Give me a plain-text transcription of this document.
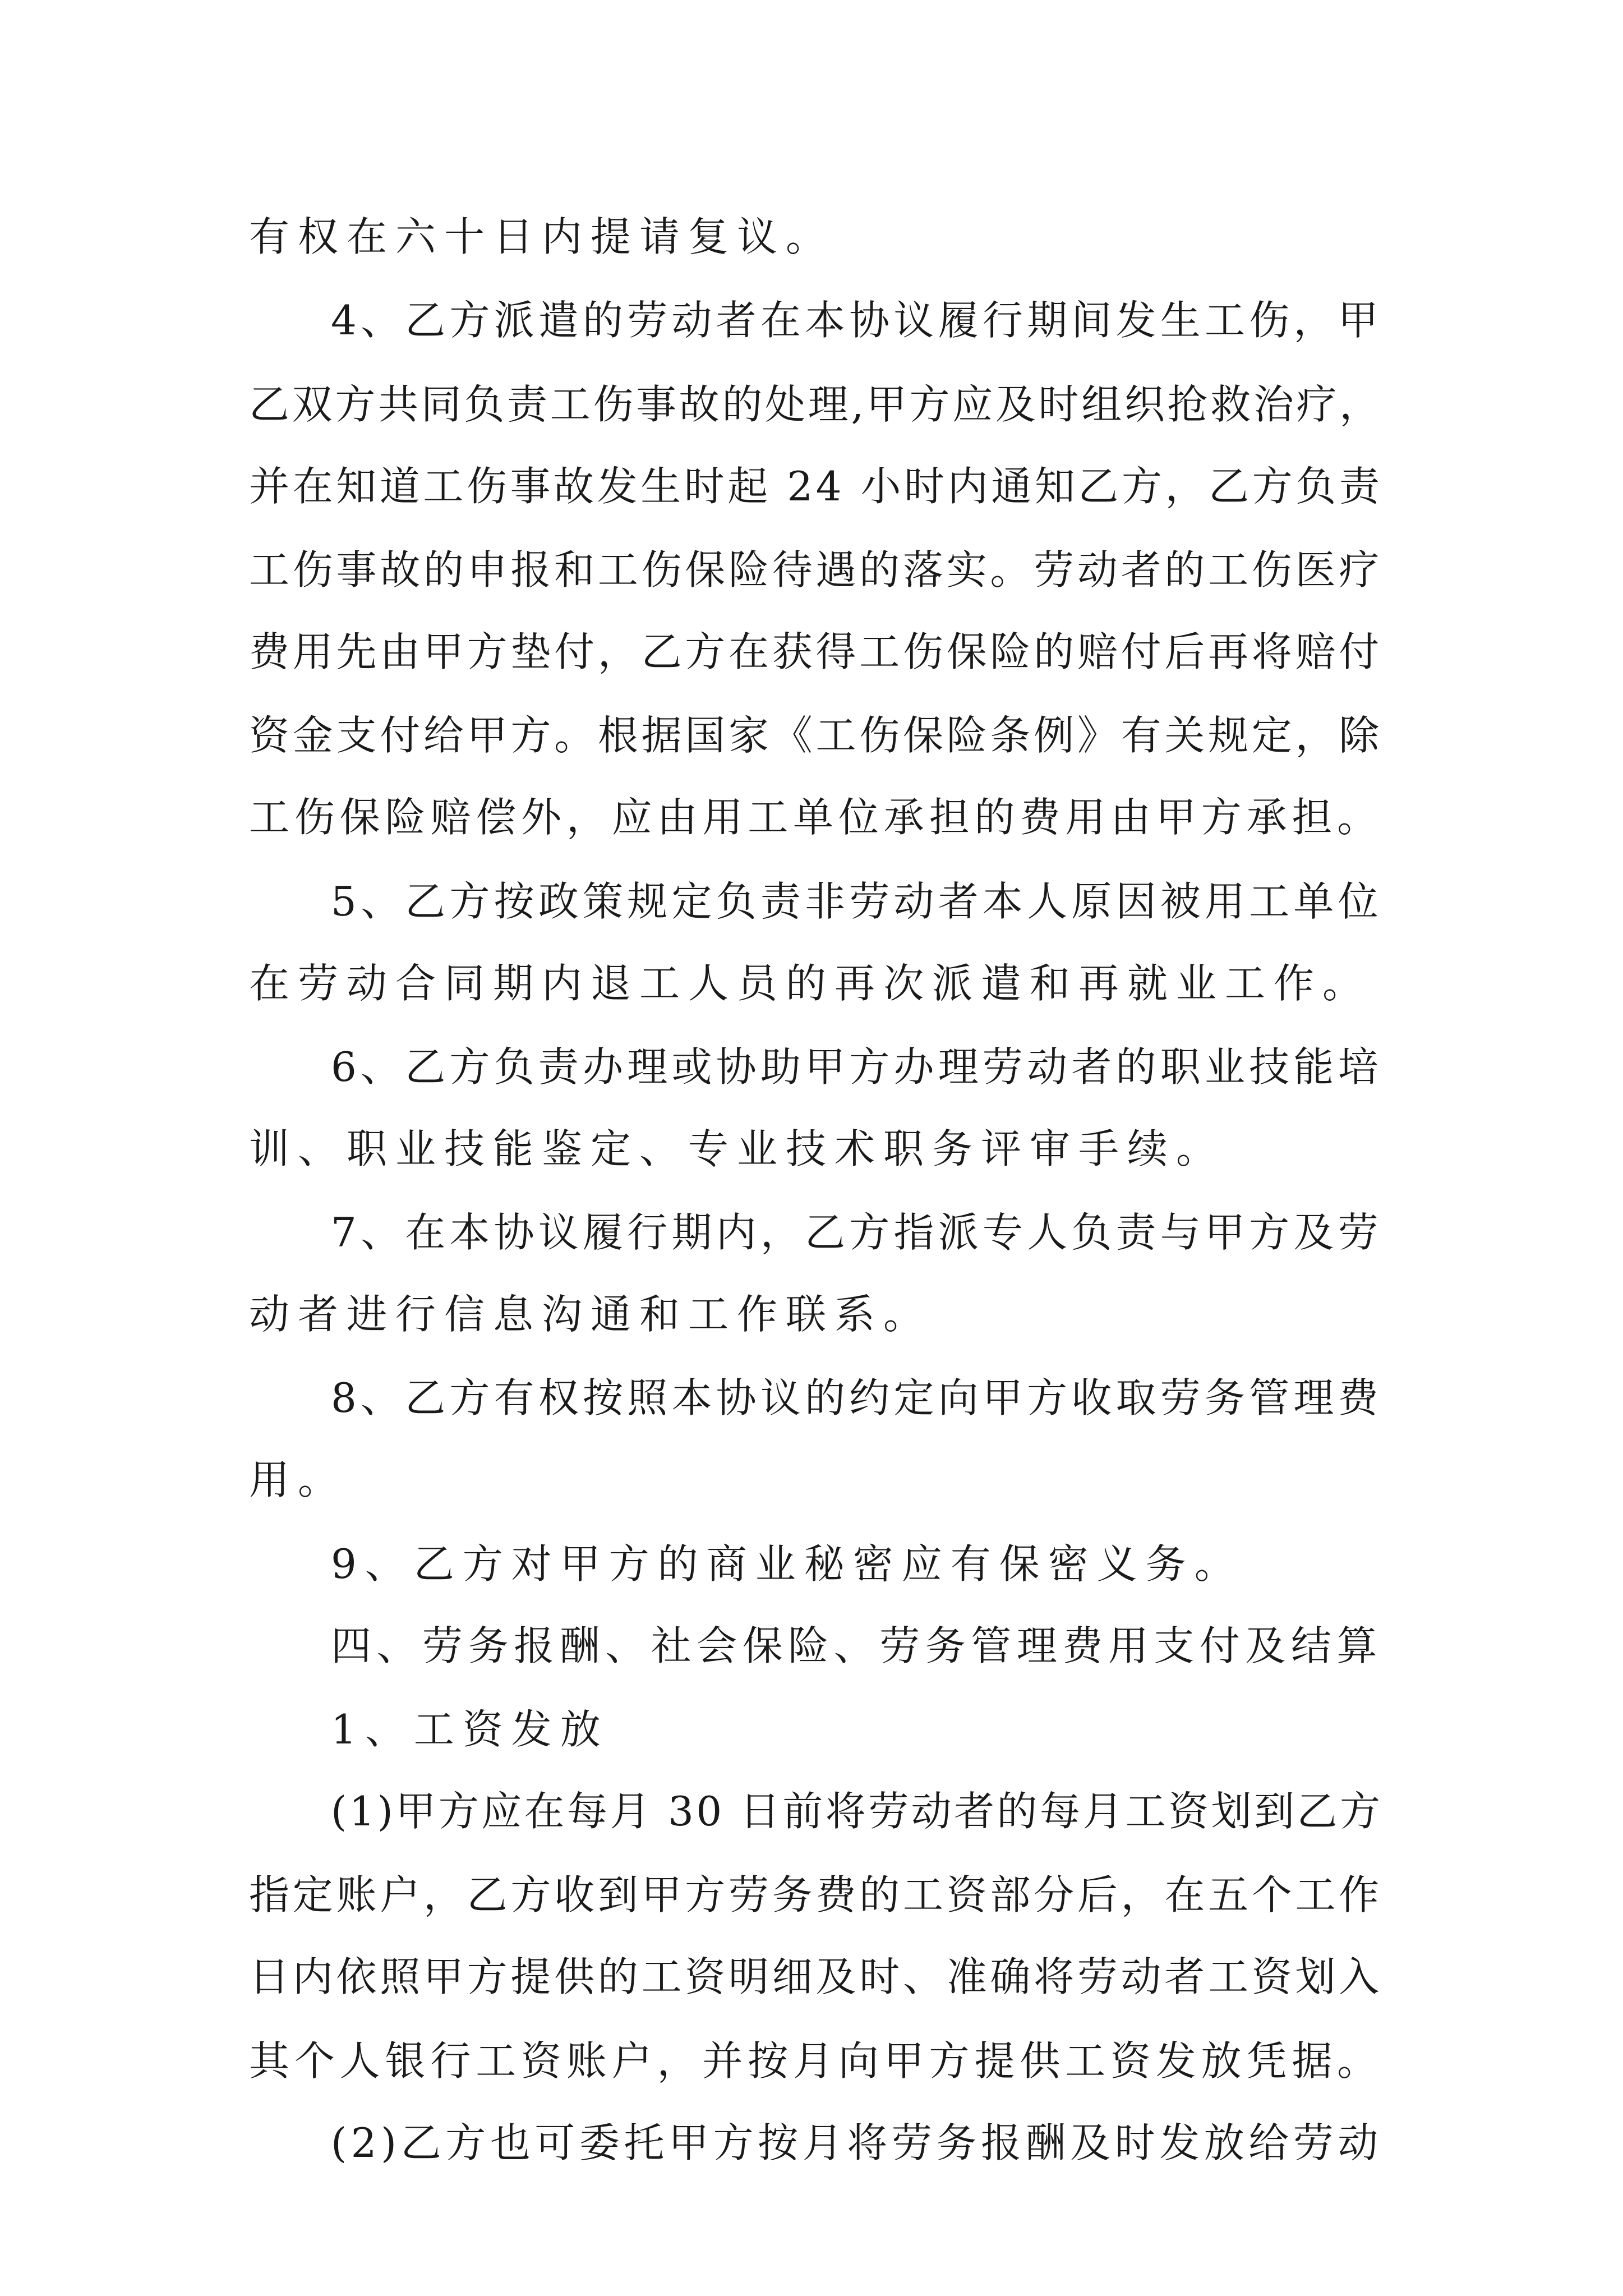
有权在六十日内提请复议。
4、乙方派遣的劳动者在本协议履行期间发生工伤，甲
乙双方共同负责工伤事故的处理,甲方应及时组织抢救治疗，
并在知道工伤事故发生时起 24 小时内通知乙方，乙方负责
工伤事故的申报和工伤保险待遇的落实。劳动者的工伤医疗
费用先由甲方垫付，乙方在获得工伤保险的赔付后再将赔付
资金支付给甲方。根据国家《工伤保险条例》有关规定，除
工伤保险赔偿外，应由用工单位承担的费用由甲方承担。
5、乙方按政策规定负责非劳动者本人原因被用工单位
在劳动合同期内退工人员的再次派遣和再就业工作。
6、乙方负责办理或协助甲方办理劳动者的职业技能培
训、职业技能鉴定、专业技术职务评审手续。
7、在本协议履行期内，乙方指派专人负责与甲方及劳
动者进行信息沟通和工作联系。
8、乙方有权按照本协议的约定向甲方收取劳务管理费
用。
9、乙方对甲方的商业秘密应有保密义务。
四、劳务报酬、社会保险、劳务管理费用支付及结算
1、工资发放
(1)甲方应在每月 30 日前将劳动者的每月工资划到乙方
指定账户，乙方收到甲方劳务费的工资部分后，在五个工作
日内依照甲方提供的工资明细及时、准确将劳动者工资划入
其个人银行工资账户，并按月向甲方提供工资发放凭据。
(2)乙方也可委托甲方按月将劳务报酬及时发放给劳动
